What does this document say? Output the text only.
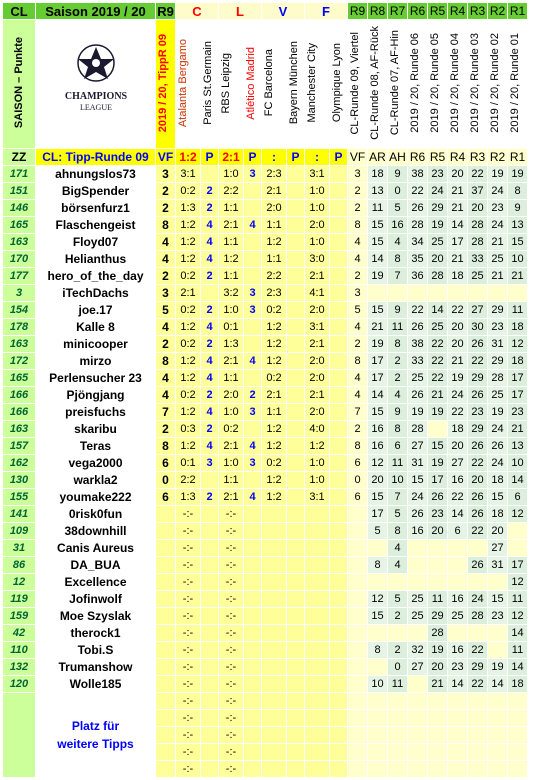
CL	Saison 2019 / 20	R9	C		L		V		F		R9	R8	R7	R6	R5	R4	R3	R2	R1

SAISON – Punkte	CHAMPIONS
LEAGUE	2019 / 20, TippR 09	Atalanta Bergamo	Paris St.Germain	RBS Leipzig	Atlético Madrid	FC Barcelona	Bayern München	Manchester City	Olympique Lyon	CL-Runde 09, Viertel	CL-Runde 08, AF-Rück	CL-Runde 07, AF-Hin	2019 / 20, Runde 06	2019 / 20, Runde 05	2019 / 20, Runde 04	2019 / 20, Runde 03	2019 / 20, Runde 02	2019 / 20, Runde 01

ZZ	CL: Tipp-Runde 09	VF	1:2	P	2:1	P	:	P	:	P	VF	AR	AH	R6	R5	R4	R3	R2	R1
171	ahnungslos73	3	3:1		1:0	3	2:3		3:1		3	18	9	38	23	20	22	19	19
151	BigSpender	2	0:2	2	2:2		2:1		1:0		2	13	0	22	24	21	37	24	8
146	börsenfurz1	2	1:3	2	1:1		2:0		1:0		2	11	5	26	29	21	20	23	9
165	Flaschengeist	8	1:2	4	2:1	4	1:1		2:0		8	15	16	28	19	14	28	24	13
163	Floyd07	4	1:2	4	1:1		1:2		1:0		4	15	4	34	25	17	28	21	15
170	Helianthus	4	1:2	4	1:2		1:1		3:0		4	14	8	35	20	21	33	25	10
177	hero_of_the_day	2	0:2	2	1:1		2:2		2:1		2	19	7	36	28	18	25	21	21
3	iTechDachs	3	2:1		3:2	3	2:3		4:1		3								
154	joe.17	5	0:2	2	1:0	3	0:2		2:0		5	15	9	22	14	22	27	29	11
178	Kalle 8	4	1:2	4	0:1		1:2		3:1		4	21	11	26	25	20	30	23	18
163	minicooper	2	0:2	2	1:3		1:2		2:1		2	19	8	38	22	20	26	31	12
172	mirzo	8	1:2	4	2:1	4	1:2		2:0		8	17	2	33	22	21	22	29	18
165	Perlensucher 23	4	1:2	4	1:1		0:2		2:0		4	17	2	25	22	19	29	28	17
166	Pjöngjang	4	0:2	2	2:0	2	2:1		2:1		4	14	4	26	21	24	26	25	17
166	preisfuchs	7	1:2	4	1:0	3	1:1		2:0		7	15	9	19	19	22	23	19	23
163	skaribu	2	0:3	2	0:2		1:2		4:0		2	16	8	28		18	29	24	21
157	Teras	8	1:2	4	2:1	4	1:2		1:2		8	16	6	27	15	20	26	26	13
162	vega2000	6	0:1	3	1:0	3	0:2		1:0		6	12	11	31	19	27	22	24	10
130	warkla2	0	2:2		1:1		1:2		1:0		0	20	10	15	17	16	20	18	14
155	youmake222	6	1:3	2	2:1	4	1:2		3:1		6	15	7	24	26	22	26	15	6
141	0risk0fun		-:-		-:-							17	5	26	23	14	26	18	12
109	38downhill		-:-		-:-							5	8	16	20	6	22	20	
31	Canis Aureus		-:-		-:-								4					27	
86	DA_BUA		-:-		-:-							8	4				26	31	17
12	Excellence		-:-		-:-														12
119	Jofinwolf		-:-		-:-							12	5	25	11	16	24	15	11
159	Moe Szyslak		-:-		-:-							15	2	25	29	25	28	23	12
42	therock1		-:-		-:-										28				14
110	Tobi.S		-:-		-:-							8	2	32	19	16	22		11
132	Trumanshow		-:-		-:-								0	27	20	23	29	19	14
120	Wolle185		-:-		-:-							10	11		21	14	22	14	18

	Platz für
weitere Tipps		-:-		-:-														
			-:-		-:-														
			-:-		-:-														
			-:-		-:-														
			-:-		-:-														
